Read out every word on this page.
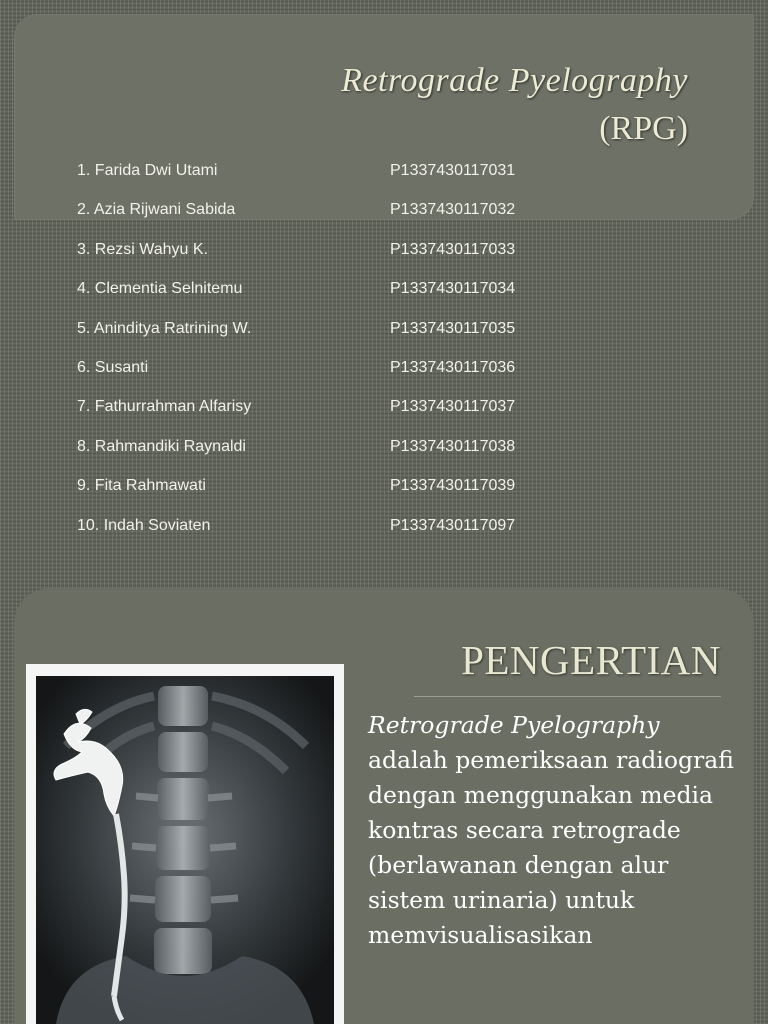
Retrograde Pyelography
(RPG)
1. Farida Dwi Utami	P1337430117031
2. Azia Rijwani Sabida	P1337430117032
3. Rezsi Wahyu K.	P1337430117033
4. Clementia Selnitemu	P1337430117034
5. Aninditya Ratrining W.	P1337430117035
6. Susanti	P1337430117036
7. Fathurrahman Alfarisy	P1337430117037
8. Rahmandiki Raynaldi	P1337430117038
9. Fita Rahmawati	P1337430117039
10. Indah Soviaten	P1337430117097
PENGERTIAN
Retrograde Pyelography adalah pemeriksaan radiografi dengan menggunakan media kontras secara retrograde (berlawanan dengan alur sistem urinaria) untuk memvisualisasikan
